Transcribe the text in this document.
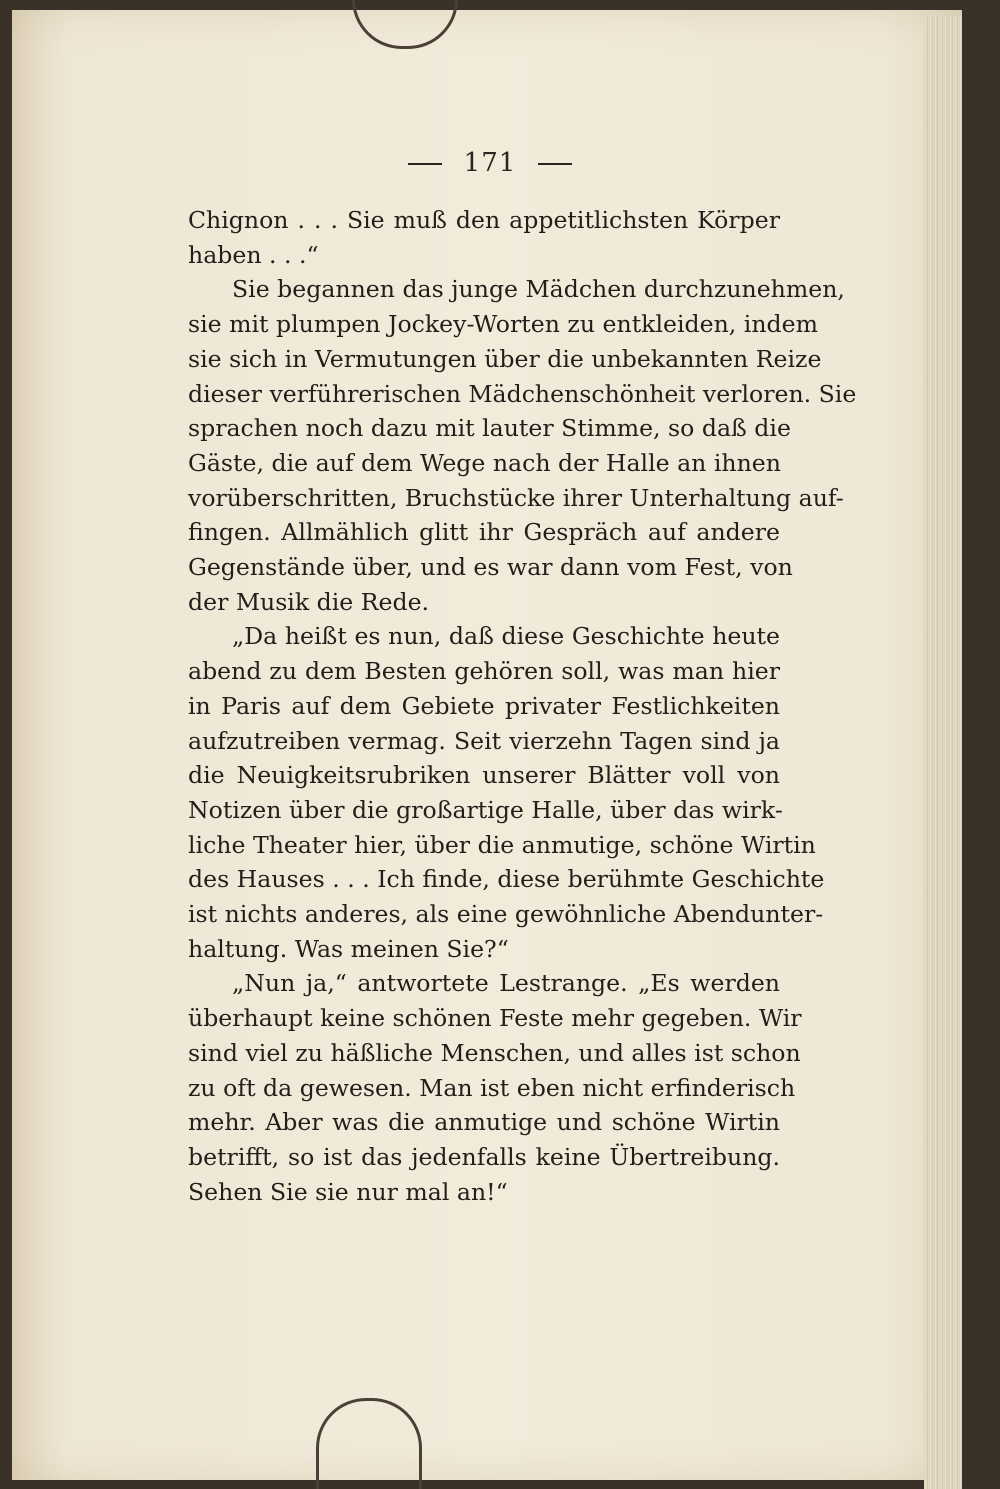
171
Chignon . . . Sie muß den appetitlichsten Körper
haben . . .“
Sie begannen das junge Mädchen durchzunehmen,
sie mit plumpen Jockey-Worten zu entkleiden, indem
sie sich in Vermutungen über die unbekannten Reize
dieser verführerischen Mädchenschönheit verloren. Sie
sprachen noch dazu mit lauter Stimme, so daß die
Gäste, die auf dem Wege nach der Halle an ihnen
vorüberschritten, Bruchstücke ihrer Unterhaltung auf-
fingen. Allmählich glitt ihr Gespräch auf andere
Gegenstände über, und es war dann vom Fest, von
der Musik die Rede.
„Da heißt es nun, daß diese Geschichte heute
abend zu dem Besten gehören soll, was man hier
in Paris auf dem Gebiete privater Festlichkeiten
aufzutreiben vermag. Seit vierzehn Tagen sind ja
die Neuigkeitsrubriken unserer Blätter voll von
Notizen über die großartige Halle, über das wirk-
liche Theater hier, über die anmutige, schöne Wirtin
des Hauses . . . Ich finde, diese berühmte Geschichte
ist nichts anderes, als eine gewöhnliche Abendunter-
haltung. Was meinen Sie?“
„Nun ja,“ antwortete Lestrange. „Es werden
überhaupt keine schönen Feste mehr gegeben. Wir
sind viel zu häßliche Menschen, und alles ist schon
zu oft da gewesen. Man ist eben nicht erfinderisch
mehr. Aber was die anmutige und schöne Wirtin
betrifft, so ist das jedenfalls keine Übertreibung.
Sehen Sie sie nur mal an!“
